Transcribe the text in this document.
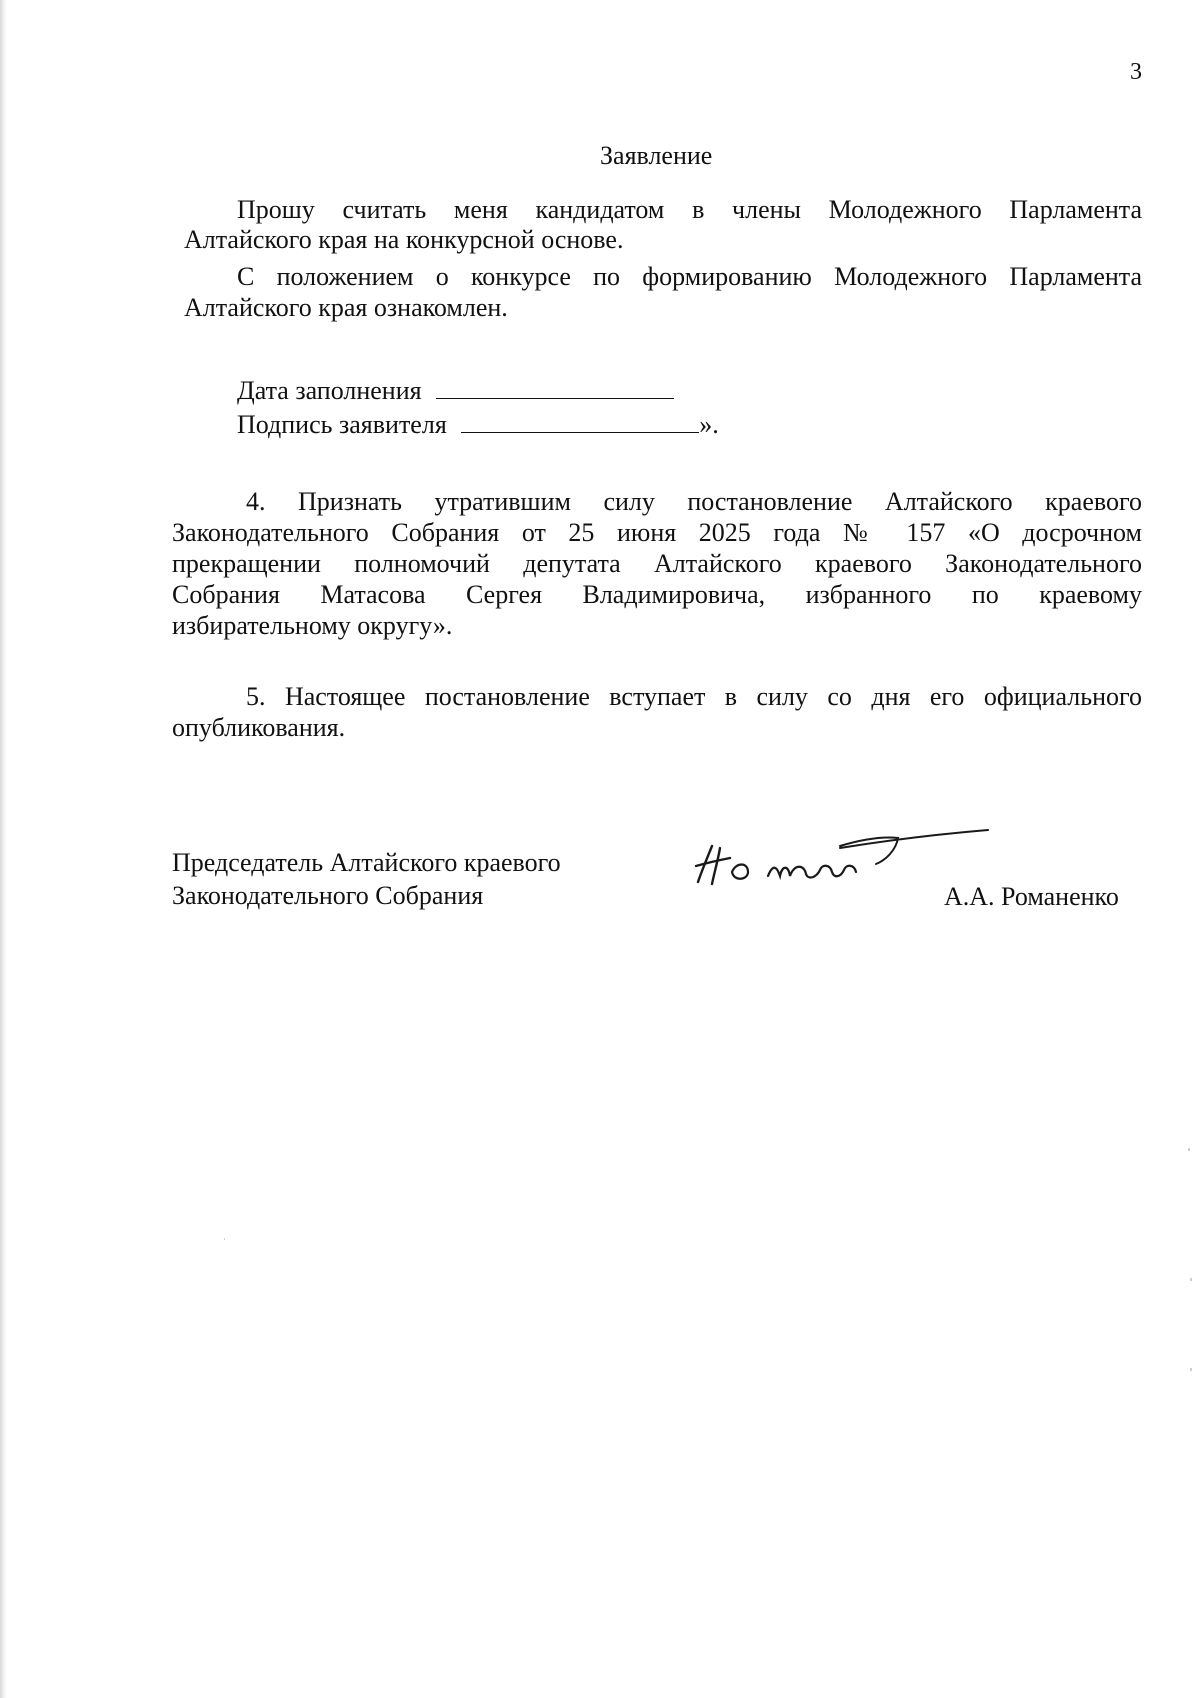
3
Заявление
Прошу считать меня кандидатом в члены Молодежного Парламента
Алтайского края на конкурсной основе.
С положением о конкурсе по формированию Молодежного Парламента
Алтайского края ознакомлен.
Дата заполнения
Подпись заявителя	».
4. Признать утратившим силу постановление Алтайского краевого
Законодательного Собрания от 25 июня 2025 года № 157 «О досрочном
прекращении полномочий депутата Алтайского краевого Законодательного
Собрания Матасова Сергея Владимировича, избранного по краевому
избирательному округу».
5. Настоящее постановление вступает в силу со дня его официального
опубликования.
Председатель Алтайского краевого
Законодательного Собрания	А.А. Романенко
